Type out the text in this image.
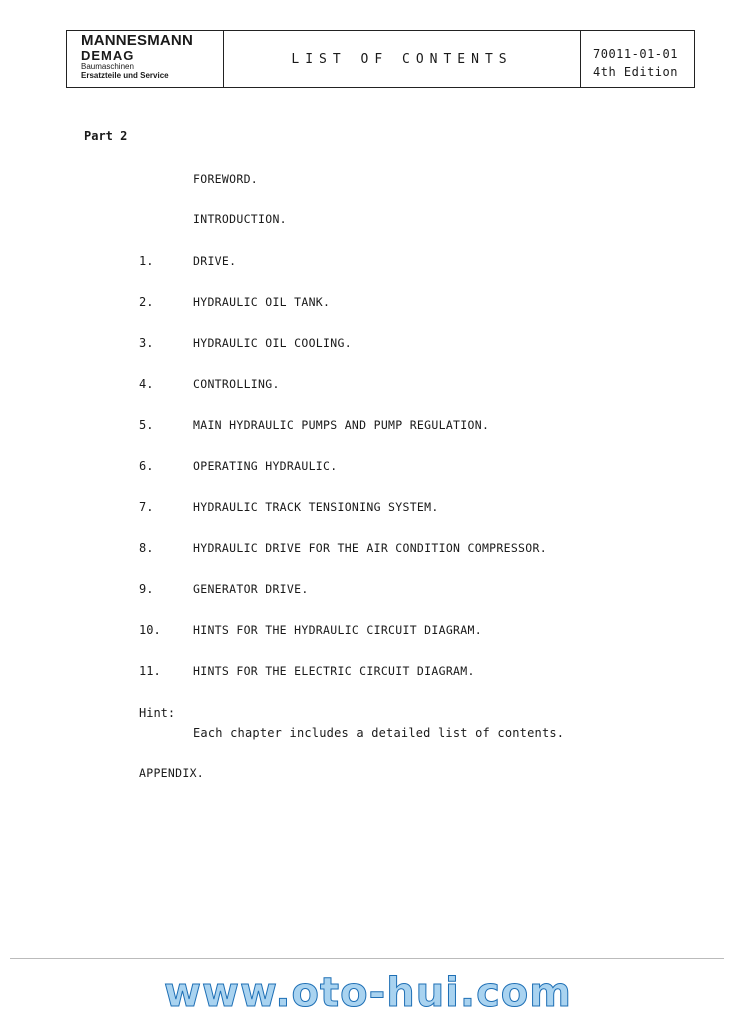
MANNESMANN
DEMAG
Baumaschinen
Ersatzteile und Service
LIST OF CONTENTS	70011-01-01
4th Edition
Part 2
FOREWORD.
INTRODUCTION.
1.	DRIVE.
2.	HYDRAULIC OIL TANK.
3.	HYDRAULIC OIL COOLING.
4.	CONTROLLING.
5.	MAIN HYDRAULIC PUMPS AND PUMP REGULATION.
6.	OPERATING HYDRAULIC.
7.	HYDRAULIC TRACK TENSIONING SYSTEM.
8.	HYDRAULIC DRIVE FOR THE AIR CONDITION COMPRESSOR.
9.	GENERATOR DRIVE.
10.	HINTS FOR THE HYDRAULIC CIRCUIT DIAGRAM.
11.	HINTS FOR THE ELECTRIC CIRCUIT DIAGRAM.
Hint:
Each chapter includes a detailed list of contents.
APPENDIX.
www.oto-hui.com
